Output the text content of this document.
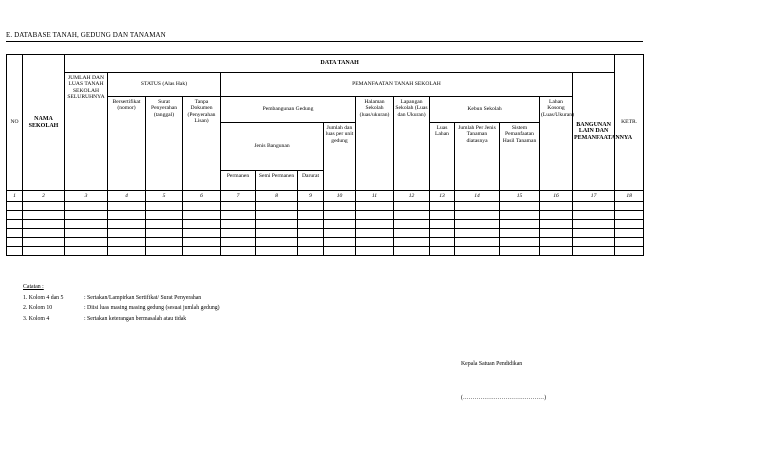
E. DATABASE TANAH, GEDUNG DAN TANAMAN
NO	NAMA SEKOLAH	DATA TANAH															KETR.
		JUMLAH DAN LUAS TANAH SEKOLAH SELURUHNYA	STATUS (Alas Hak)			PEMANFAATAN TANAH SEKOLAH										BANGUNAN LAIN DAN PEMANFAATANNYA	
			Bersertifikat (nomor)	Surat Penyerahan (tanggal)	Tanpa Dokumen (Penyerahan Lisan)	Pembangunan Gedung				Halaman Sekolah (luas/ukuran)	Lapangan Sekolah (Luas dan Ukuran)	Kebun Sekolah			Lahan Kosong (Luas/Ukuran)		
						Jenis Bangunan			Jumlah dan luas per unit gedung			Luas Lahan	Jumlah Per Jenis Tanaman diatasnya	Sistem Pemanfaatan Hasil Tanaman			
						Permanen	Semi Permanen	Darurat									

1	2	3	4	5	6	7	8	9	10	11	12	13	14	15	16	17	18

Catatan :
1. Kolom 4 dan 5	: Sertakan/Lampirkan Sertifikat/ Surat Penyerahan
2. Kolom 10	: Diisi luas masing masing gedung (sesuai jumlah gedung)
3. Kolom 4	: Sertakan keterangan bermasalah atau tidak
Kepala Satuan Pendidikan
(……………………………………)
